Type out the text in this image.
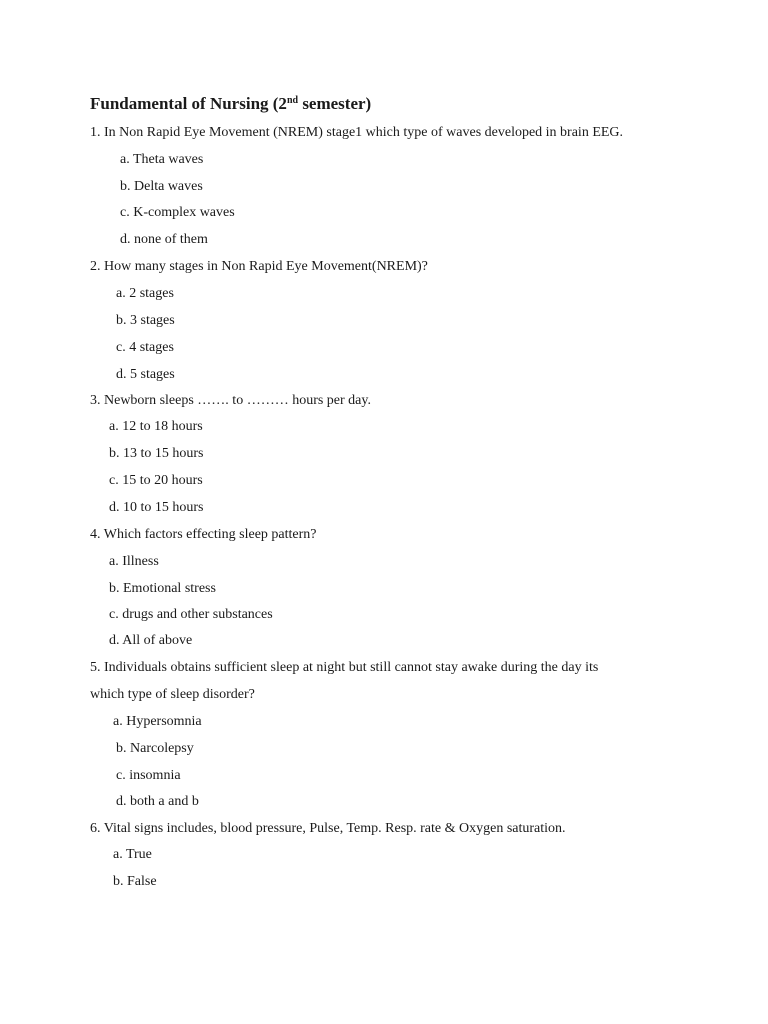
Fundamental of Nursing (2nd semester)
1. In Non Rapid Eye Movement (NREM) stage1 which type of waves developed in brain EEG.
a. Theta waves
b. Delta waves
c. K-complex waves
d. none of them
2. How many stages in Non Rapid Eye Movement(NREM)?
a. 2 stages
b. 3 stages
c. 4 stages
d. 5 stages
3. Newborn sleeps ……. to ……… hours per day.
a. 12 to 18 hours
b. 13 to 15 hours
c. 15 to 20 hours
d. 10 to 15 hours
4. Which factors effecting sleep pattern?
a. Illness
b. Emotional stress
c. drugs and other substances
d. All of above
5. Individuals obtains sufficient sleep at night but still cannot stay awake during the day its
which type of sleep disorder?
a. Hypersomnia
b. Narcolepsy
c. insomnia
d. both a and b
6. Vital signs includes, blood pressure, Pulse, Temp. Resp. rate & Oxygen saturation.
a. True
b. False
